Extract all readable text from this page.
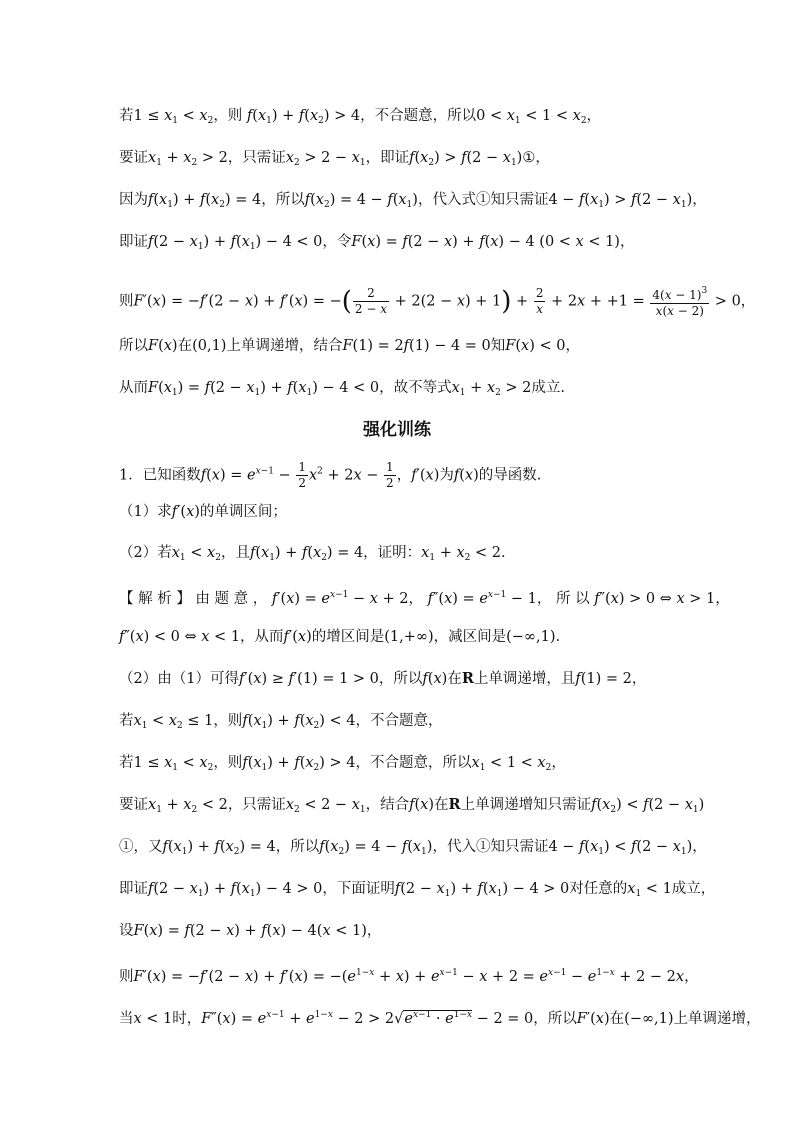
若$1 \le x_1 < x_2$，则 $f(x_1) + f(x_2) > 4$，不合题意，所以$0 < x_1 < 1 < x_2$，
要证$x_1 + x_2 > 2$，只需证$x_2 > 2 - x_1$，即证$f(x_2) > f(2$ − $x_1)①$，
因为$f(x_1) + f(x_2) = 4$，所以$f(x_2) = 4 - f(x_1)$，代入式①知只需证$4 - f(x_1) > f(2 - x_1)$，
即证$f(2 - x_1) + f(x_1) - 4 < 0$，令F(x) = f(2 − x) + f(x) − 4 (0 < x < 1)，
则F′(x) = −f′(2 − x) + f′(x) = −( $\frac{2}{2 - x} + 2(2 - x) + 1) + \frac{2}{x} + 2x + +1 = \frac{4(x - 1)^3}{x(x - 2)} > 0$，
所以F(x)在(0,1)上单调递增，结合F(1) = 2f(1) − 4 = 0知F(x) < 0，
从而$F(x_1) = f(2 - x_1) + f(x_1) - 4 < 0$，故不等式$x_1 + x_2 > 2$成立.
强化训练
1．已知函数$f(x) = e^{x-1} - \frac{1}{2} x^2 + 2x - \frac{1}{2}$ ，f′(x)为f(x)的导函数.
（1）求f′(x)的单调区间；
（2）若$x_1 < x_2$，且$f(x_1) + f(x_2) = 4$，证明：$x_1 + x_2 < 2$.
【 解 析 】 由 题 意 ， $f'(x) = e^{x-1} - x + 2$， $f''(x) = e^{x-1} - 1$， 所 以 f″(x) > 0 ⇔ x > 1，
f″(x) < 0 ⇔ x < 1，从而f′(x)的增区间是(1,+∞)，减区间是(−∞,1).
（2）由（1）可得f′(x) ≥ f′(1) = 1 > 0，所以f(x)在R上单调递增，且f(1) = 2，
若$x_1 < x_2 \le 1$，则$f(x_1) + f(x_2) < 4$，不合题意，
若$1 \le x_1 < x_2$，则$f(x_1) + f(x_2) > 4$，不合题意，所以$x_1 < 1 < x_2$，
要证$x_1 + x_2 < 2$，只需证$x_2 < 2 - x_1$，结合f(x)在R上单调递增知只需证$f(x_2) < f(2 - x_1)$
①，又$f(x_1) + f(x_2) = 4$，所以$f(x_2) = 4 - f(x_1)$，代入①知只需证$4 - f(x_1) < f(2 - x_1)$，
即证$f(2 - x_1) + f(x_1) - 4 > 0$，下面证明$f(2 - x_1) + f(x_1) - 4 > 0$对任意的$x_1 < 1$成立，
设F(x) = f(2 − x) + f(x) − 4(x < 1)，
则$F'(x) = -f'(2 - x) + f'(x) = -(e^{1-x} + x) + e^{x-1} - x + 2 = e^{x-1} - e^{1-x} + 2 - 2x$，
当x < 1时，$F''(x) = e^{x-1} + e^{1-x} - 2 > 2√e^{x-1} \cdot e^{1-x} - 2 = 0$，所以F′(x)在(−∞,1)上单调递增，
